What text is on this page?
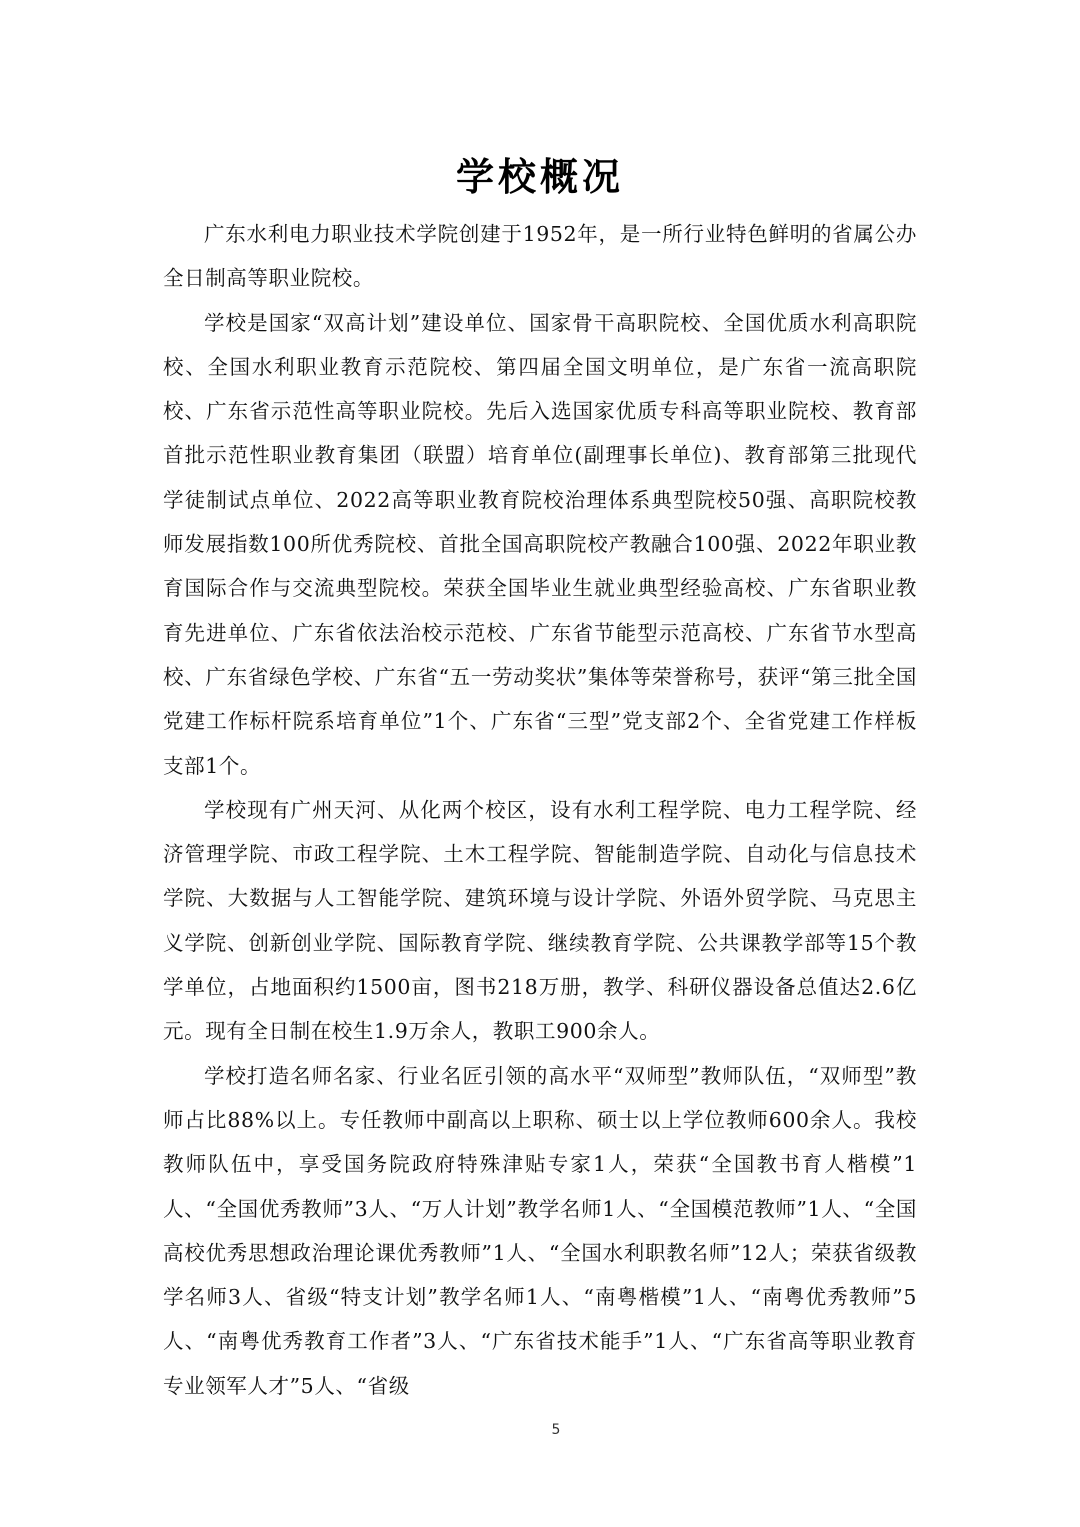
学校概况

广东水利电力职业技术学院创建于1952年，是一所行业特色鲜明的省属公办全日制高等职业院校。

学校是国家“双高计划”建设单位、国家骨干高职院校、全国优质水利高职院校、全国水利职业教育示范院校、第四届全国文明单位，是广东省一流高职院校、广东省示范性高等职业院校。先后入选国家优质专科高等职业院校、教育部首批示范性职业教育集团（联盟）培育单位(副理事长单位)、教育部第三批现代学徒制试点单位、2022高等职业教育院校治理体系典型院校50强、高职院校教师发展指数100所优秀院校、首批全国高职院校产教融合100强、2022年职业教育国际合作与交流典型院校。荣获全国毕业生就业典型经验高校、广东省职业教育先进单位、广东省依法治校示范校、广东省节能型示范高校、广东省节水型高校、广东省绿色学校、广东省“五一劳动奖状”集体等荣誉称号，获评“第三批全国党建工作标杆院系培育单位”1个、广东省“三型”党支部2个、全省党建工作样板支部1个。

学校现有广州天河、从化两个校区，设有水利工程学院、电力工程学院、经济管理学院、市政工程学院、土木工程学院、智能制造学院、自动化与信息技术学院、大数据与人工智能学院、建筑环境与设计学院、外语外贸学院、马克思主义学院、创新创业学院、国际教育学院、继续教育学院、公共课教学部等15个教学单位，占地面积约1500亩，图书218万册，教学、科研仪器设备总值达2.6亿元。现有全日制在校生1.9万余人，教职工900余人。

学校打造名师名家、行业名匠引领的高水平“双师型”教师队伍，“双师型”教师占比88%以上。专任教师中副高以上职称、硕士以上学位教师600余人。我校教师队伍中，享受国务院政府特殊津贴专家1人，荣获“全国教书育人楷模”1人、“全国优秀教师”3人、“万人计划”教学名师1人、“全国模范教师”1人、“全国高校优秀思想政治理论课优秀教师”1人、“全国水利职教名师”12人；荣获省级教学名师3人、省级“特支计划”教学名师1人、“南粤楷模”1人、“南粤优秀教师”5人、“南粤优秀教育工作者”3人、“广东省技术能手”1人、“广东省高等职业教育专业领军人才”5人、“省级

5
